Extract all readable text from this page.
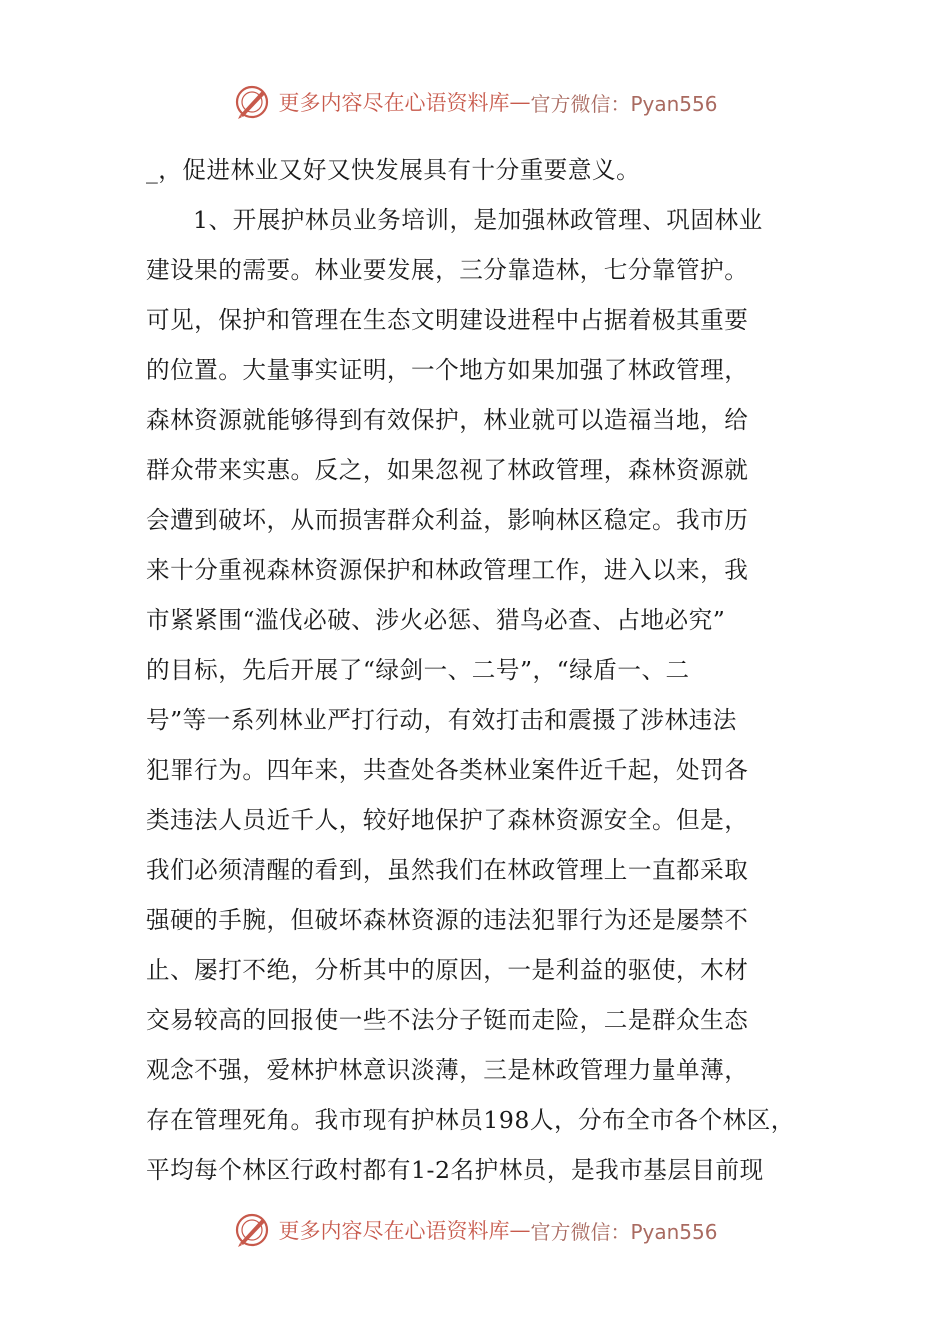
更多内容尽在心语资料库 — 官方微信：Pyan556
_，促进林业又好又快发展具有十分重要意义。
1、开展护林员业务培训，是加强林政管理、巩固林业
建设果的需要。林业要发展，三分靠造林，七分靠管护。
可见，保护和管理在生态文明建设进程中占据着极其重要
的位置。大量事实证明，一个地方如果加强了林政管理，
森林资源就能够得到有效保护，林业就可以造福当地，给
群众带来实惠。反之，如果忽视了林政管理，森林资源就
会遭到破坏，从而损害群众利益，影响林区稳定。我市历
来十分重视森林资源保护和林政管理工作，进入以来，我
市紧紧围“滥伐必破、涉火必惩、猎鸟必查、占地必究”
的目标，先后开展了“绿剑一、二号”，“绿盾一、二
号”等一系列林业严打行动，有效打击和震摄了涉林违法
犯罪行为。四年来，共查处各类林业案件近千起，处罚各
类违法人员近千人，较好地保护了森林资源安全。但是，
我们必须清醒的看到，虽然我们在林政管理上一直都采取
强硬的手腕，但破坏森林资源的违法犯罪行为还是屡禁不
止、屡打不绝，分析其中的原因，一是利益的驱使，木材
交易较高的回报使一些不法分子铤而走险，二是群众生态
观念不强，爱林护林意识淡薄，三是林政管理力量单薄，
存在管理死角。我市现有护林员198人，分布全市各个林区，
平均每个林区行政村都有1-2名护林员，是我市基层目前现
更多内容尽在心语资料库 — 官方微信：Pyan556
